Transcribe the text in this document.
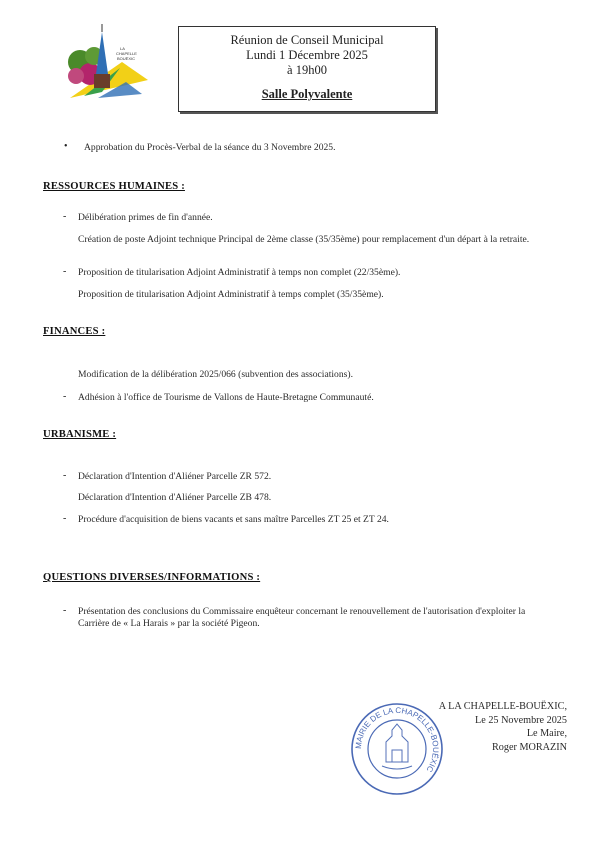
LA
CHAPELLE
BOUËXIC
Réunion de Conseil Municipal
Lundi 1 Décembre 2025
à 19h00
Salle Polyvalente
• Approbation du Procès-Verbal de la séance du 3 Novembre 2025.
RESSOURCES HUMAINES :
- Délibération primes de fin d'année.
Création de poste Adjoint technique Principal de 2ème classe (35/35ème) pour remplacement d'un départ à la retraite.
- Proposition de titularisation Adjoint Administratif à temps non complet (22/35ème).
Proposition de titularisation Adjoint Administratif à temps complet (35/35ème).
FINANCES :
Modification de la délibération 2025/066 (subvention des associations).
- Adhésion à l'office de Tourisme de Vallons de Haute-Bretagne Communauté.
URBANISME :
- Déclaration d'Intention d'Aliéner Parcelle ZR 572.
Déclaration d'Intention d'Aliéner Parcelle ZB 478.
- Procédure d'acquisition de biens vacants et sans maître Parcelles ZT 25 et ZT 24.
QUESTIONS DIVERSES/INFORMATIONS :
- Présentation des conclusions du Commissaire enquêteur concernant le renouvellement de l'autorisation d'exploiter la Carrière de « La Harais » par la société Pigeon.
MAIRIE DE LA CHAPELLE-BOUËXIC
A LA CHAPELLE-BOUËXIC,
Le 25 Novembre 2025
Le Maire,
Roger MORAZIN
